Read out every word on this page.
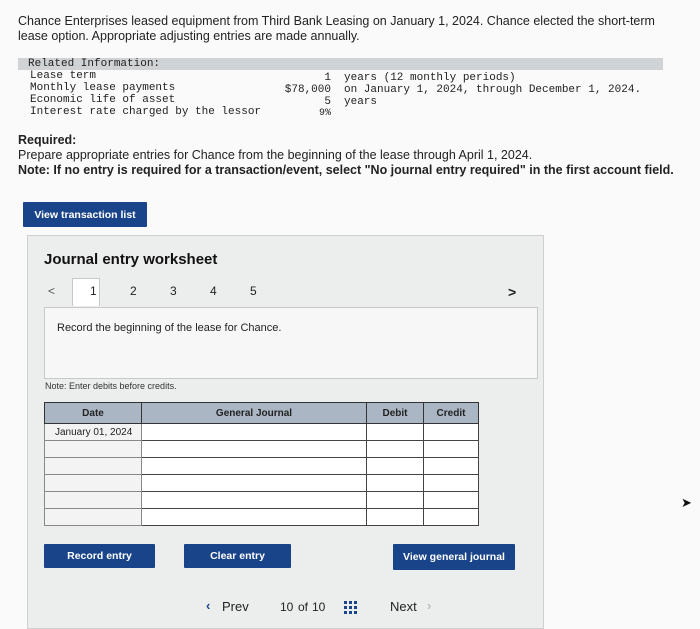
Chance Enterprises leased equipment from Third Bank Leasing on January 1, 2024. Chance elected the short-term lease option. Appropriate adjusting entries are made annually.
Related Information:
Lease term	1 years (12 monthly periods)
Monthly lease payments	$78,000 on January 1, 2024, through December 1, 2024.
Economic life of asset	5 years
Interest rate charged by the lessor	9%
Required:
Prepare appropriate entries for Chance from the beginning of the lease through April 1, 2024.
Note: If no entry is required for a transaction/event, select "No journal entry required" in the first account field.
View transaction list
Journal entry worksheet
<	1	2	3	4	5	>
Record the beginning of the lease for Chance.
Note: Enter debits before credits.
Date	General Journal	Debit	Credit
January 01, 2024			

Record entry	Clear entry	View general journal
‹ Prev	10 of 10	Next ›
➤
